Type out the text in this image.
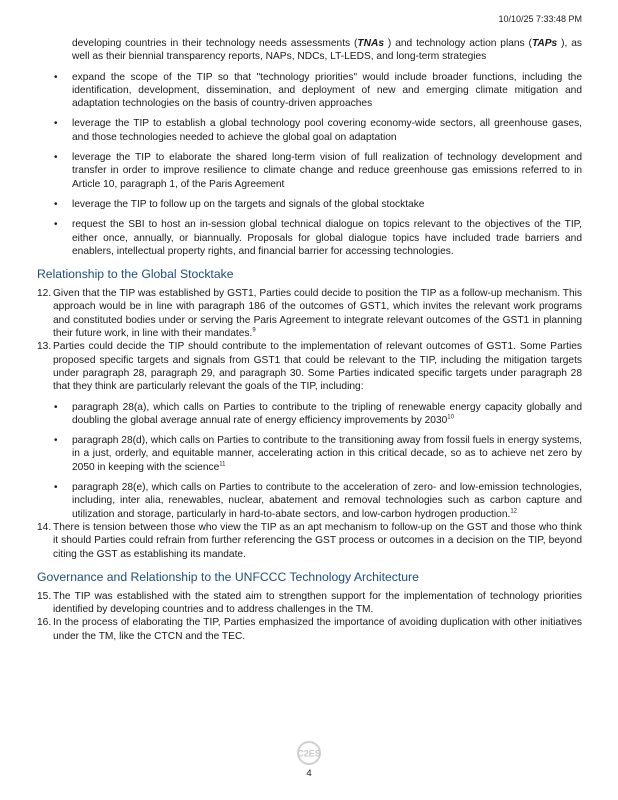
10/10/25 7:33:48 PM

developing countries in their technology needs assessments (TNAs ) and technology action plans (TAPs ), as well as their biennial transparency reports, NAPs, NDCs, LT-LEDS, and long-term strategies

• expand the scope of the TIP so that "technology priorities" would include broader functions, including the identification, development, dissemination, and deployment of new and emerging climate mitigation and adaptation technologies on the basis of country-driven approaches
• leverage the TIP to establish a global technology pool covering economy-wide sectors, all greenhouse gases, and those technologies needed to achieve the global goal on adaptation
• leverage the TIP to elaborate the shared long-term vision of full realization of technology development and transfer in order to improve resilience to climate change and reduce greenhouse gas emissions referred to in Article 10, paragraph 1, of the Paris Agreement
• leverage the TIP to follow up on the targets and signals of the global stocktake
• request the SBI to host an in-session global technical dialogue on topics relevant to the objectives of the TIP, either once, annually, or biannually. Proposals for global dialogue topics have included trade barriers and enablers, intellectual property rights, and financial barrier for accessing technologies.
Relationship to the Global Stocktake

12. Given that the TIP was established by GST1, Parties could decide to position the TIP as a follow-up mechanism. This approach would be in line with paragraph 186 of the outcomes of GST1, which invites the relevant work programs and constituted bodies under or serving the Paris Agreement to integrate relevant outcomes of the GST1 in planning their future work, in line with their mandates.$^9$

13. Parties could decide the TIP should contribute to the implementation of relevant outcomes of GST1. Some Parties proposed specific targets and signals from GST1 that could be relevant to the TIP, including the mitigation targets under paragraph 28, paragraph 29, and paragraph 30. Some Parties indicated specific targets under paragraph 28 that they think are particularly relevant the goals of the TIP, including:

• paragraph 28(a), which calls on Parties to contribute to the tripling of renewable energy capacity globally and doubling the global average annual rate of energy efficiency improvements by 2030$^{10}$
• paragraph 28(d), which calls on Parties to contribute to the transitioning away from fossil fuels in energy systems, in a just, orderly, and equitable manner, accelerating action in this critical decade, so as to achieve net zero by 2050 in keeping with the science$^{11}$
• paragraph 28(e), which calls on Parties to contribute to the acceleration of zero- and low-emission technologies, including, inter alia, renewables, nuclear, abatement and removal technologies such as carbon capture and utilization and storage, particularly in hard-to-abate sectors, and low-carbon hydrogen production.$^{12}$

14. There is tension between those who view the TIP as an apt mechanism to follow-up on the GST and those who think it should Parties could refrain from further referencing the GST process or outcomes in a decision on the TIP, beyond citing the GST as establishing its mandate.

Governance and Relationship to the UNFCCC Technology Architecture

15. The TIP was established with the stated aim to strengthen support for the implementation of technology priorities identified by developing countries and to address challenges in the TM.

16. In the process of elaborating the TIP, Parties emphasized the importance of avoiding duplication with other initiatives under the TM, like the CTCN and the TEC.

C2ES
4
